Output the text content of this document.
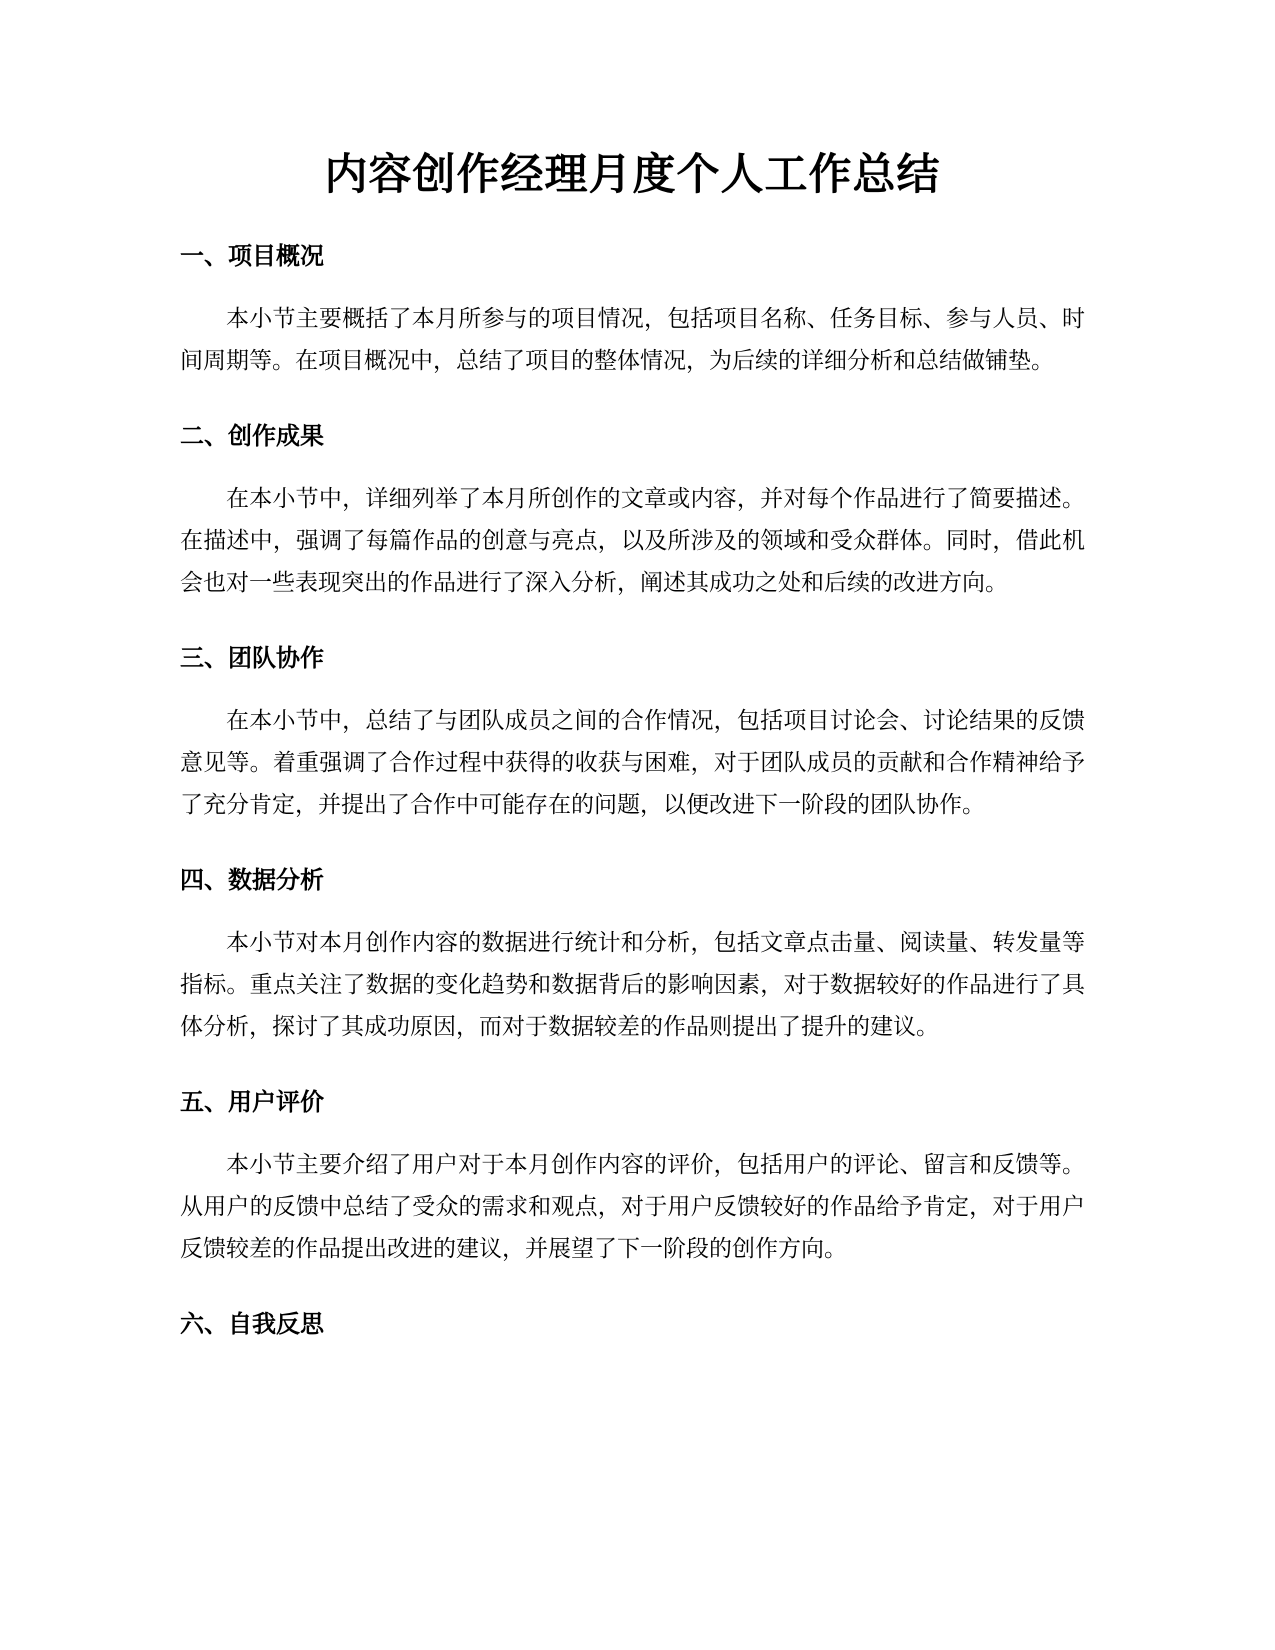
内容创作经理月度个人工作总结
一、项目概况

本小节主要概括了本月所参与的项目情况，包括项目名称、任务目标、参与人员、时间周期等。在项目概况中，总结了项目的整体情况，为后续的详细分析和总结做铺垫。

二、创作成果

在本小节中，详细列举了本月所创作的文章或内容，并对每个作品进行了简要描述。在描述中，强调了每篇作品的创意与亮点，以及所涉及的领域和受众群体。同时，借此机会也对一些表现突出的作品进行了深入分析，阐述其成功之处和后续的改进方向。

三、团队协作

在本小节中，总结了与团队成员之间的合作情况，包括项目讨论会、讨论结果的反馈意见等。着重强调了合作过程中获得的收获与困难，对于团队成员的贡献和合作精神给予了充分肯定，并提出了合作中可能存在的问题，以便改进下一阶段的团队协作。

四、数据分析

本小节对本月创作内容的数据进行统计和分析，包括文章点击量、阅读量、转发量等指标。重点关注了数据的变化趋势和数据背后的影响因素，对于数据较好的作品进行了具体分析，探讨了其成功原因，而对于数据较差的作品则提出了提升的建议。

五、用户评价

本小节主要介绍了用户对于本月创作内容的评价，包括用户的评论、留言和反馈等。从用户的反馈中总结了受众的需求和观点，对于用户反馈较好的作品给予肯定，对于用户反馈较差的作品提出改进的建议，并展望了下一阶段的创作方向。

六、自我反思
